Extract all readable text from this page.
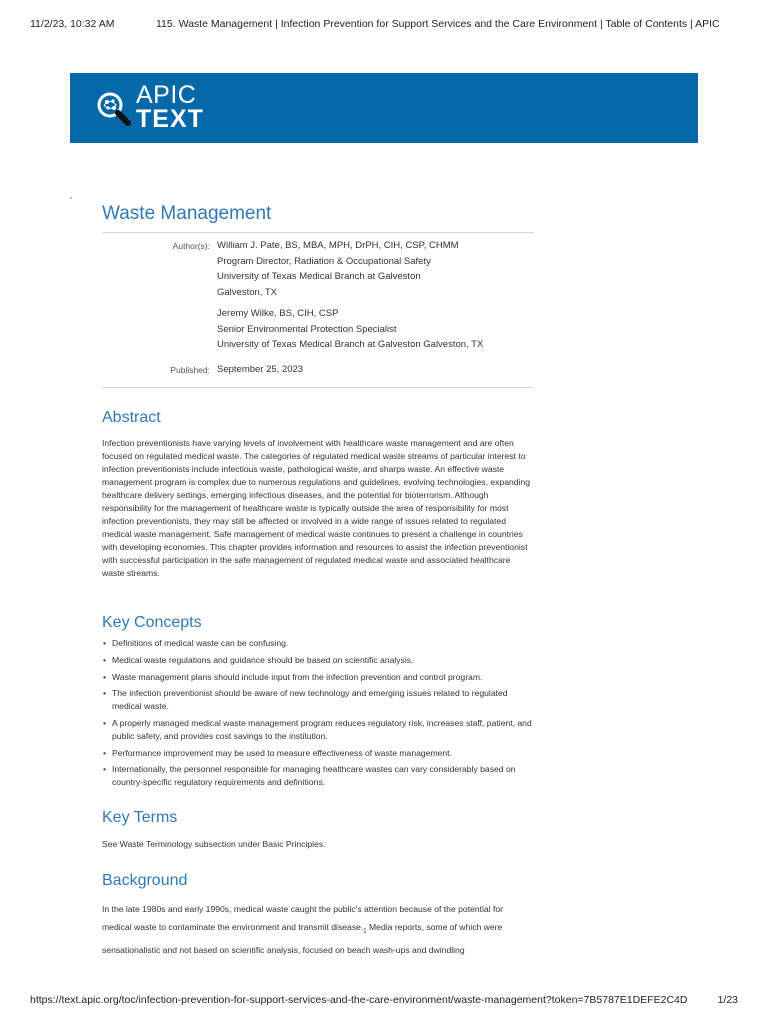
11/2/23, 10:32 AM	115. Waste Management | Infection Prevention for Support Services and the Care Environment | Table of Contents | APIC
APIC
TEXT
Waste Management
Author(s): William J. Pate, BS, MBA, MPH, DrPH, CIH, CSP, CHMM
Program Director, Radiation & Occupational Safety
University of Texas Medical Branch at Galveston
Galveston, TX
Jeremy Wilke, BS, CIH, CSP
Senior Environmental Protection Specialist
University of Texas Medical Branch at Galveston Galveston, TX
Published: September 25, 2023
Abstract
Infection preventionists have varying levels of involvement with healthcare waste management and are often focused on regulated medical waste. The categories of regulated medical waste streams of particular interest to infection preventionists include infectious waste, pathological waste, and sharps waste. An effective waste management program is complex due to numerous regulations and guidelines, evolving technologies, expanding healthcare delivery settings, emerging infectious diseases, and the potential for bioterrorism. Although responsibility for the management of healthcare waste is typically outside the area of responsibility for most infection preventionists, they may still be affected or involved in a wide range of issues related to regulated medical waste management. Safe management of medical waste continues to present a challenge in countries with developing economies. This chapter provides information and resources to assist the infection preventionist with successful participation in the safe management of regulated medical waste and associated healthcare waste streams.
Key Concepts
• Definitions of medical waste can be confusing.
• Medical waste regulations and guidance should be based on scientific analysis.
• Waste management plans should include input from the infection prevention and control program.
• The infection preventionist should be aware of new technology and emerging issues related to regulated medical waste.
• A properly managed medical waste management program reduces regulatory risk, increases staff, patient, and public safety, and provides cost savings to the institution.
• Performance improvement may be used to measure effectiveness of waste management.
• Internationally, the personnel responsible for managing healthcare wastes can vary considerably based on country-specific regulatory requirements and definitions.
Key Terms
See Waste Terminology subsection under Basic Principles.
Background
In the late 1980s and early 1990s, medical waste caught the public's attention because of the potential for medical waste to contaminate the environment and transmit $disease._1$ Media reports, some of which were sensationalistic and not based on scientific analysis, focused on beach wash-ups and dwindling
https://text.apic.org/toc/infection-prevention-for-support-services-and-the-care-environment/waste-management?token=7B5787E1DEFE2C4D	1/23
